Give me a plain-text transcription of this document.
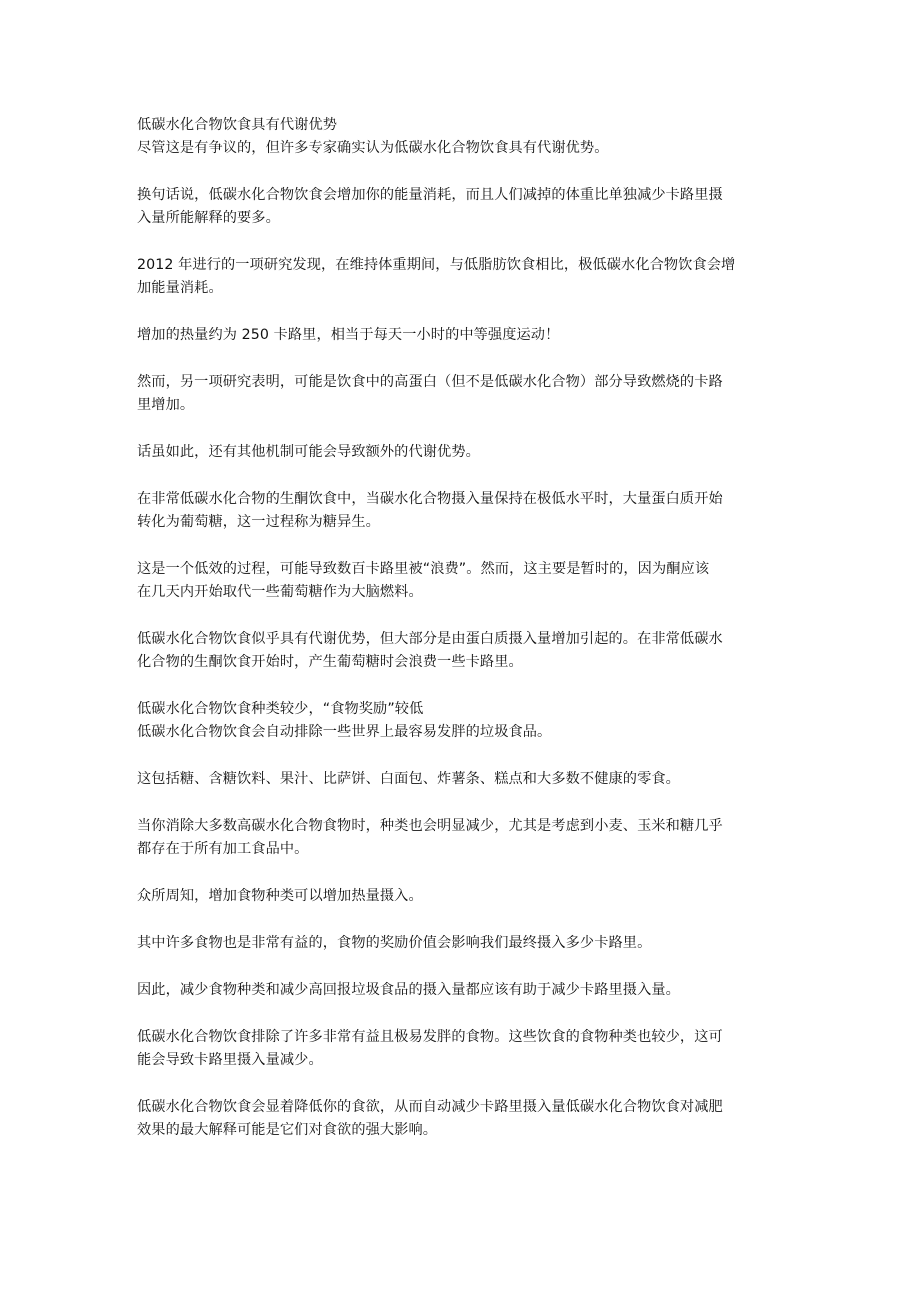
低碳水化合物饮食具有代谢优势
尽管这是有争议的，但许多专家确实认为低碳水化合物饮食具有代谢优势。

换句话说，低碳水化合物饮食会增加你的能量消耗，而且人们减掉的体重比单独减少卡路里摄
入量所能解释的要多。

2012 年进行的一项研究发现，在维持体重期间，与低脂肪饮食相比，极低碳水化合物饮食会增
加能量消耗。

增加的热量约为 250 卡路里，相当于每天一小时的中等强度运动！

然而，另一项研究表明，可能是饮食中的高蛋白（但不是低碳水化合物）部分导致燃烧的卡路
里增加。

话虽如此，还有其他机制可能会导致额外的代谢优势。

在非常低碳水化合物的生酮饮食中，当碳水化合物摄入量保持在极低水平时，大量蛋白质开始
转化为葡萄糖，这一过程称为糖异生。

这是一个低效的过程，可能导致数百卡路里被“浪费”。然而，这主要是暂时的，因为酮应该
在几天内开始取代一些葡萄糖作为大脑燃料。

低碳水化合物饮食似乎具有代谢优势，但大部分是由蛋白质摄入量增加引起的。在非常低碳水
化合物的生酮饮食开始时，产生葡萄糖时会浪费一些卡路里。

低碳水化合物饮食种类较少，“食物奖励”较低
低碳水化合物饮食会自动排除一些世界上最容易发胖的垃圾食品。

这包括糖、含糖饮料、果汁、比萨饼、白面包、炸薯条、糕点和大多数不健康的零食。

当你消除大多数高碳水化合物食物时，种类也会明显减少，尤其是考虑到小麦、玉米和糖几乎
都存在于所有加工食品中。

众所周知，增加食物种类可以增加热量摄入。

其中许多食物也是非常有益的，食物的奖励价值会影响我们最终摄入多少卡路里。

因此，减少食物种类和减少高回报垃圾食品的摄入量都应该有助于减少卡路里摄入量。

低碳水化合物饮食排除了许多非常有益且极易发胖的食物。这些饮食的食物种类也较少，这可
能会导致卡路里摄入量减少。

低碳水化合物饮食会显着降低你的食欲，从而自动减少卡路里摄入量低碳水化合物饮食对减肥
效果的最大解释可能是它们对食欲的强大影响。
